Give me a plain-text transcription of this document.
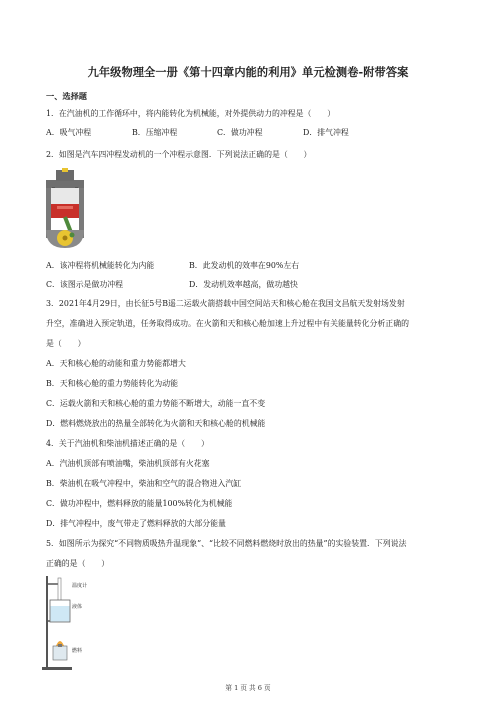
九年级物理全一册《第十四章内能的利用》单元检测卷-附带答案
一、选择题
1．在汽油机的工作循环中，将内能转化为机械能，对外提供动力的冲程是（　　）
A．吸气冲程	B．压缩冲程	C．做功冲程	D．排气冲程
2．如图是汽车四冲程发动机的一个冲程示意图．下列说法正确的是（　　）
A．该冲程将机械能转化为内能	B．此发动机的效率在90%左右
C．该图示是做功冲程	D．发动机效率越高，做功越快
3．2021年4月29日，由长征5号B遥二运载火箭搭载中国空间站天和核心舱在我国文昌航天发射场发射
升空，准确进入预定轨道，任务取得成功。在火箭和天和核心舱加速上升过程中有关能量转化分析正确的
是（　　）
A．天和核心舱的动能和重力势能都增大
B．天和核心舱的重力势能转化为动能
C．运载火箭和天和核心舱的重力势能不断增大，动能一直不变
D．燃料燃烧放出的热量全部转化为火箭和天和核心舱的机械能
4．关于汽油机和柴油机描述正确的是（　　）
A．汽油机顶部有喷油嘴，柴油机顶部有火花塞
B．柴油机在吸气冲程中，柴油和空气的混合物进入汽缸
C．做功冲程中，燃料释放的能量100%转化为机械能
D．排气冲程中，废气带走了燃料释放的大部分能量
5．如图所示为探究“不同物质吸热升温现象”、“比较不同燃料燃烧时放出的热量”的实验装置．下列说法
正确的是（　　）
温度计
液体
燃料
第 1 页 共 6 页
